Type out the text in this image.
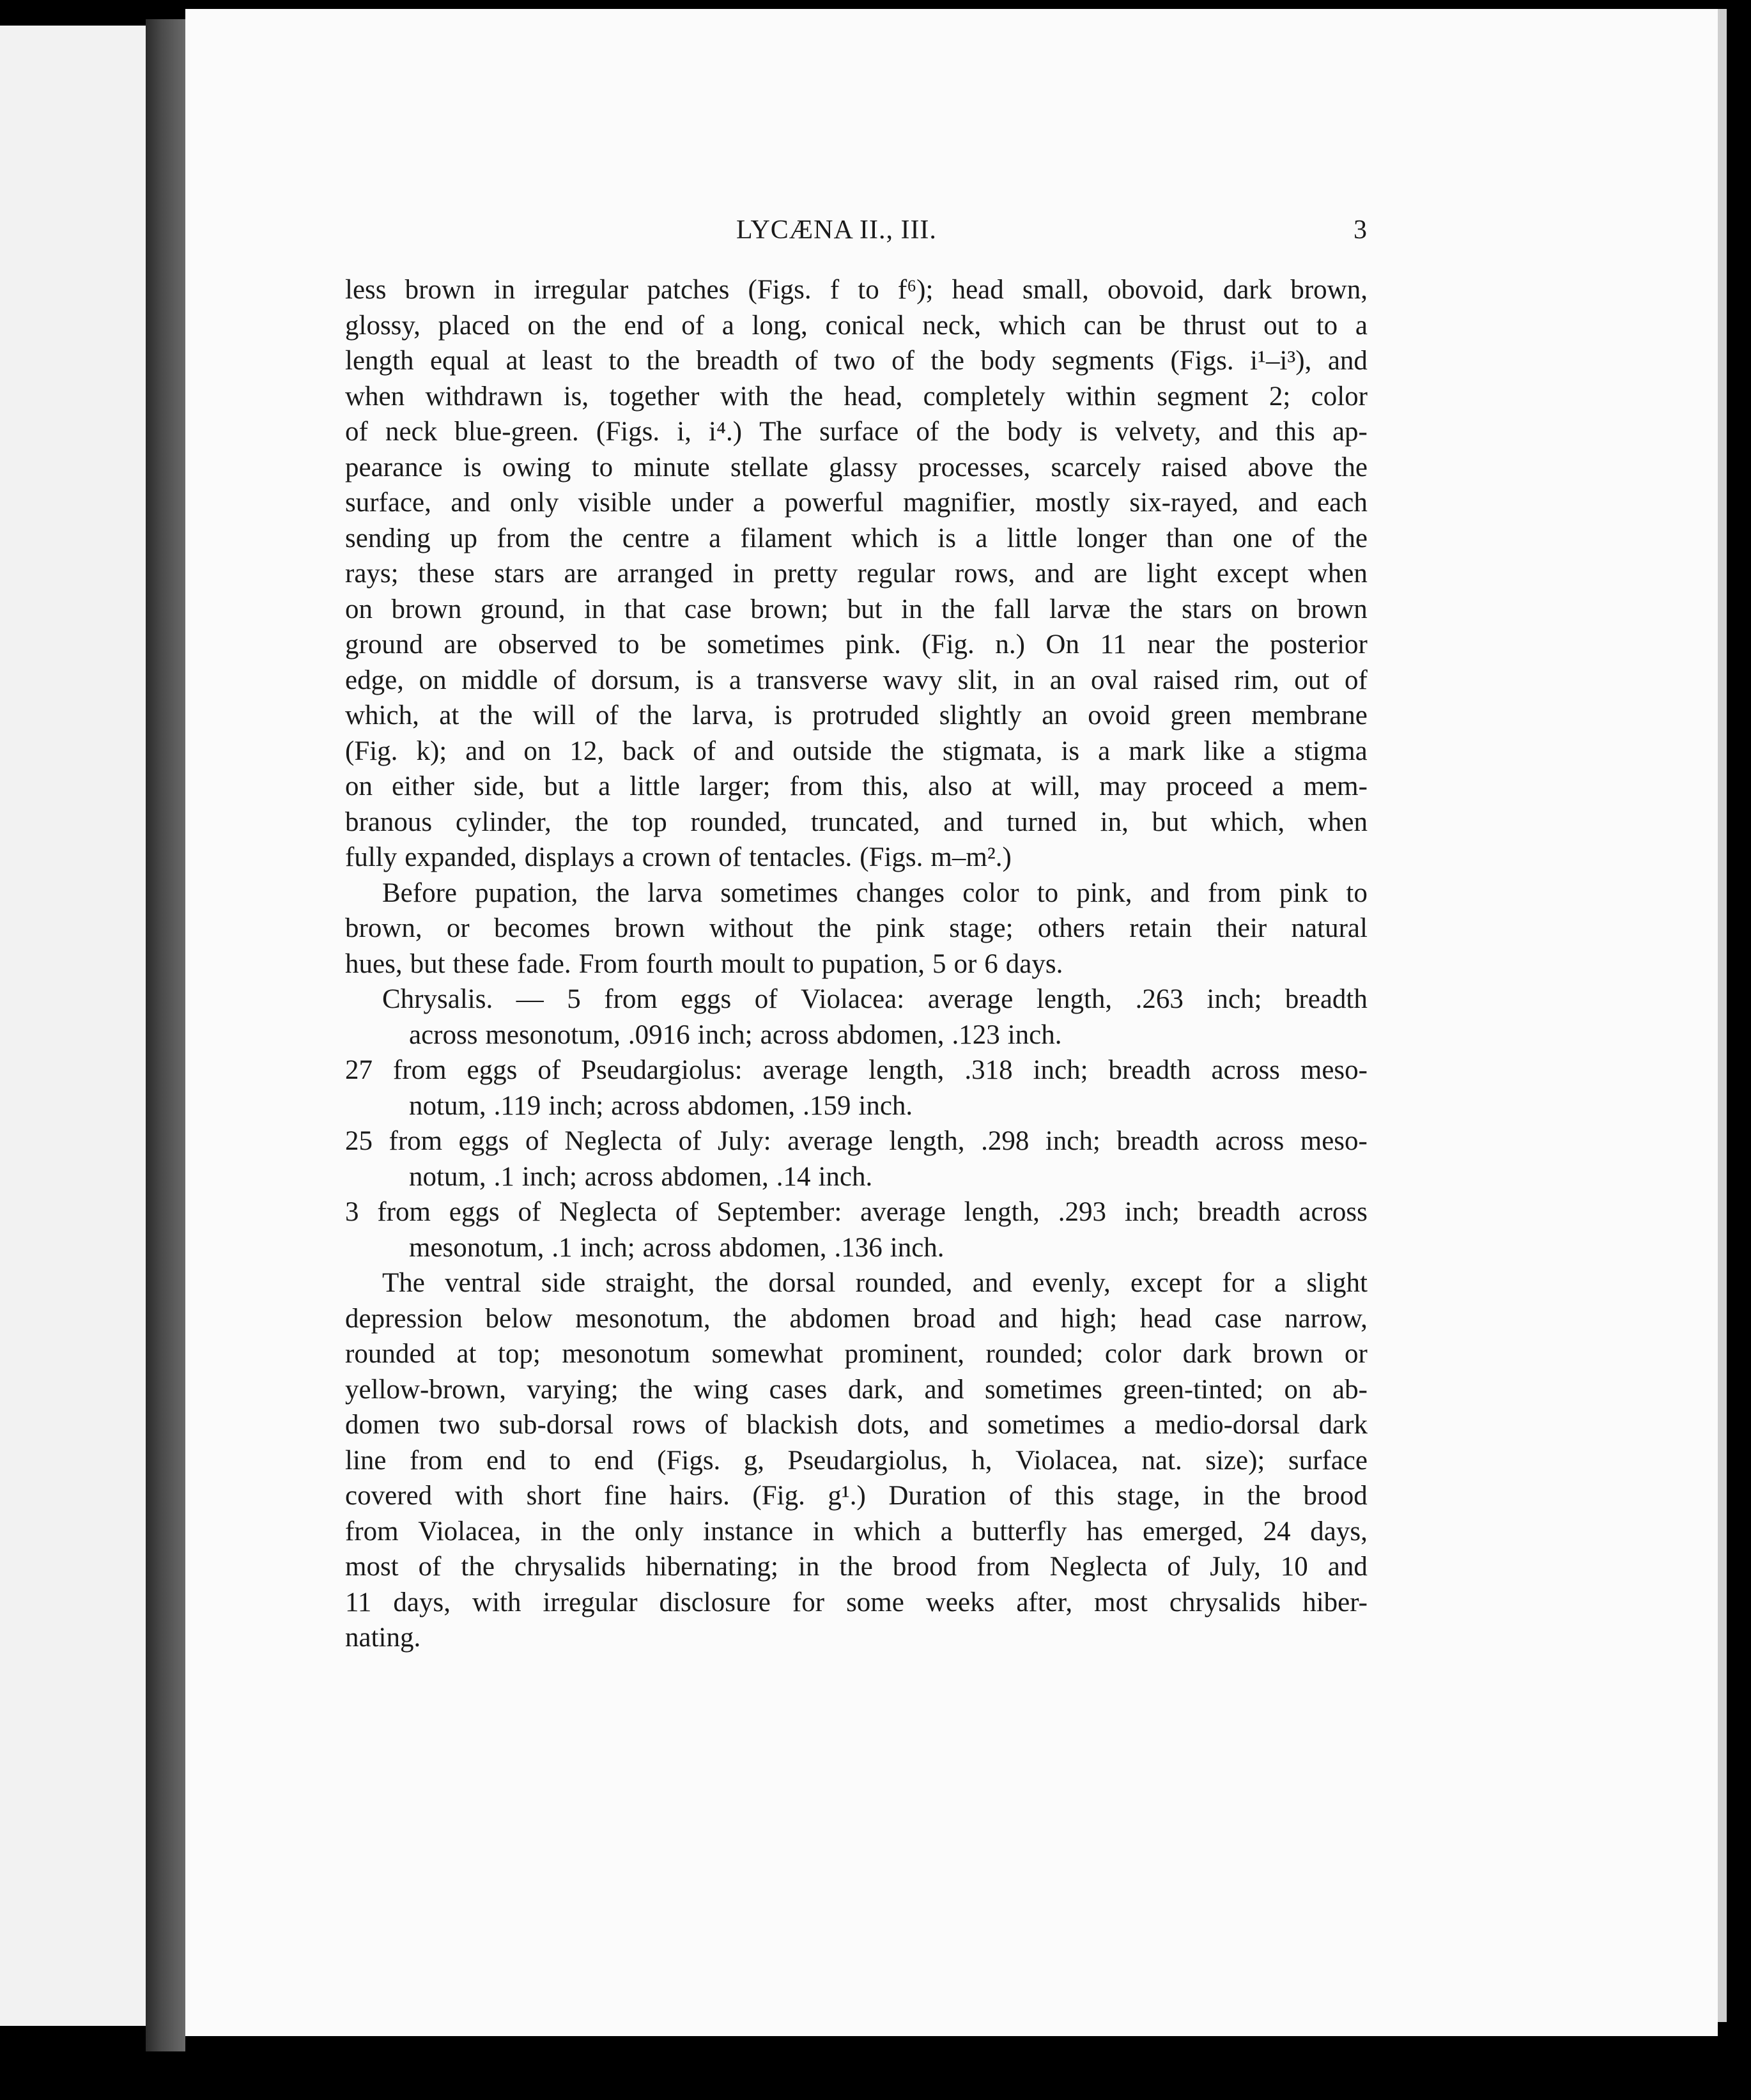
LYCÆNA II., III.	3
less brown in irregular patches (Figs. f to f⁶); head small, obovoid, dark brown,
glossy, placed on the end of a long, conical neck, which can be thrust out to a
length equal at least to the breadth of two of the body segments (Figs. i¹–i³), and
when withdrawn is, together with the head, completely within segment 2; color
of neck blue-green. (Figs. i, i⁴.) The surface of the body is velvety, and this ap-
pearance is owing to minute stellate glassy processes, scarcely raised above the
surface, and only visible under a powerful magnifier, mostly six-rayed, and each
sending up from the centre a filament which is a little longer than one of the
rays; these stars are arranged in pretty regular rows, and are light except when
on brown ground, in that case brown; but in the fall larvæ the stars on brown
ground are observed to be sometimes pink. (Fig. n.) On 11 near the posterior
edge, on middle of dorsum, is a transverse wavy slit, in an oval raised rim, out of
which, at the will of the larva, is protruded slightly an ovoid green membrane
(Fig. k); and on 12, back of and outside the stigmata, is a mark like a stigma
on either side, but a little larger; from this, also at will, may proceed a mem-
branous cylinder, the top rounded, truncated, and turned in, but which, when
fully expanded, displays a crown of tentacles. (Figs. m–m².)
Before pupation, the larva sometimes changes color to pink, and from pink to
brown, or becomes brown without the pink stage; others retain their natural
hues, but these fade. From fourth moult to pupation, 5 or 6 days.
Chrysalis. — 5 from eggs of Violacea: average length, .263 inch; breadth
across mesonotum, .0916 inch; across abdomen, .123 inch.
27 from eggs of Pseudargiolus: average length, .318 inch; breadth across meso-
notum, .119 inch; across abdomen, .159 inch.
25 from eggs of Neglecta of July: average length, .298 inch; breadth across meso-
notum, .1 inch; across abdomen, .14 inch.
3 from eggs of Neglecta of September: average length, .293 inch; breadth across
mesonotum, .1 inch; across abdomen, .136 inch.
The ventral side straight, the dorsal rounded, and evenly, except for a slight
depression below mesonotum, the abdomen broad and high; head case narrow,
rounded at top; mesonotum somewhat prominent, rounded; color dark brown or
yellow-brown, varying; the wing cases dark, and sometimes green-tinted; on ab-
domen two sub-dorsal rows of blackish dots, and sometimes a medio-dorsal dark
line from end to end (Figs. g, Pseudargiolus, h, Violacea, nat. size); surface
covered with short fine hairs. (Fig. g¹.) Duration of this stage, in the brood
from Violacea, in the only instance in which a butterfly has emerged, 24 days,
most of the chrysalids hibernating; in the brood from Neglecta of July, 10 and
11 days, with irregular disclosure for some weeks after, most chrysalids hiber-
nating.
